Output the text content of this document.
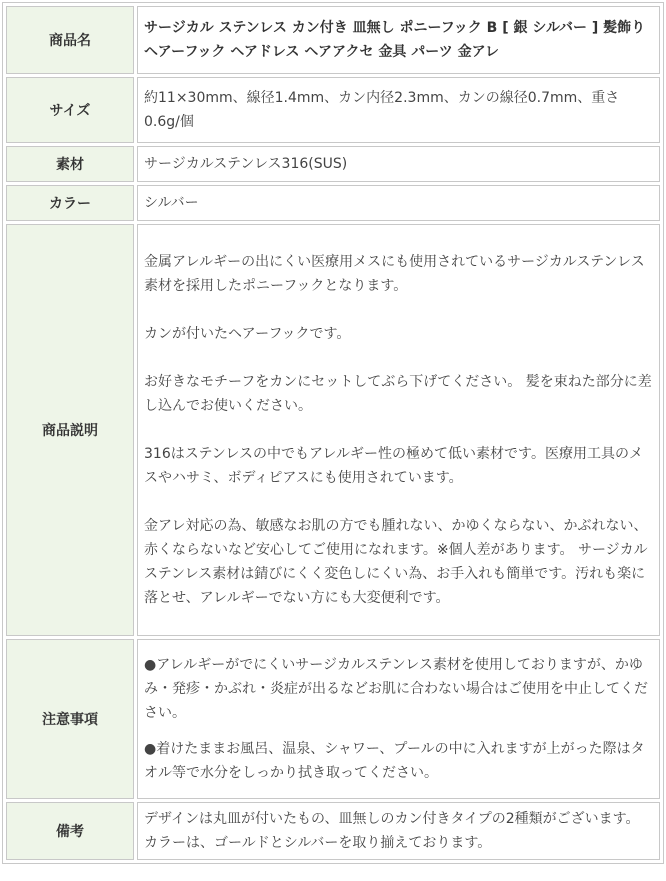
商品名	サージカル ステンレス カン付き 皿無し ポニーフック B [ 銀 シルバー ] 髪飾り ヘアーフック ヘアドレス ヘアアクセ 金具 パーツ 金アレ
サイズ	約11×30mm、線径1.4mm、カン内径2.3mm、カンの線径0.7mm、重さ 0.6g/個
素材	サージカルステンレス316(SUS)
カラー	シルバー
商品説明	金属アレルギーの出にくい医療用メスにも使用されているサージカルステンレス素材を採用したポニーフックとなります。

カンが付いたヘアーフックです。

お好きなモチーフをカンにセットしてぶら下げてください。 髪を束ねた部分に差し込んでお使いください。

316はステンレスの中でもアレルギー性の極めて低い素材です。医療用工具のメスやハサミ、ボディピアスにも使用されています。

金アレ対応の為、敏感なお肌の方でも腫れない、かゆくならない、かぶれない、赤くならないなど安心してご使用になれます。※個人差があります。 サージカルステンレス素材は錆びにくく変色しにくい為、お手入れも簡単です。汚れも楽に落とせ、アレルギーでない方にも大変便利です。

注意事項	●アレルギーがでにくいサージカルステンレス素材を使用しておりますが、かゆみ・発疹・かぶれ・炎症が出るなどお肌に合わない場合はご使用を中止してください。

●着けたままお風呂、温泉、シャワー、プールの中に入れますが上がった際はタオル等で水分をしっかり拭き取ってください。

備考	デザインは丸皿が付いたもの、皿無しのカン付きタイプの2種類がございます。 カラーは、ゴールドとシルバーを取り揃えております。
